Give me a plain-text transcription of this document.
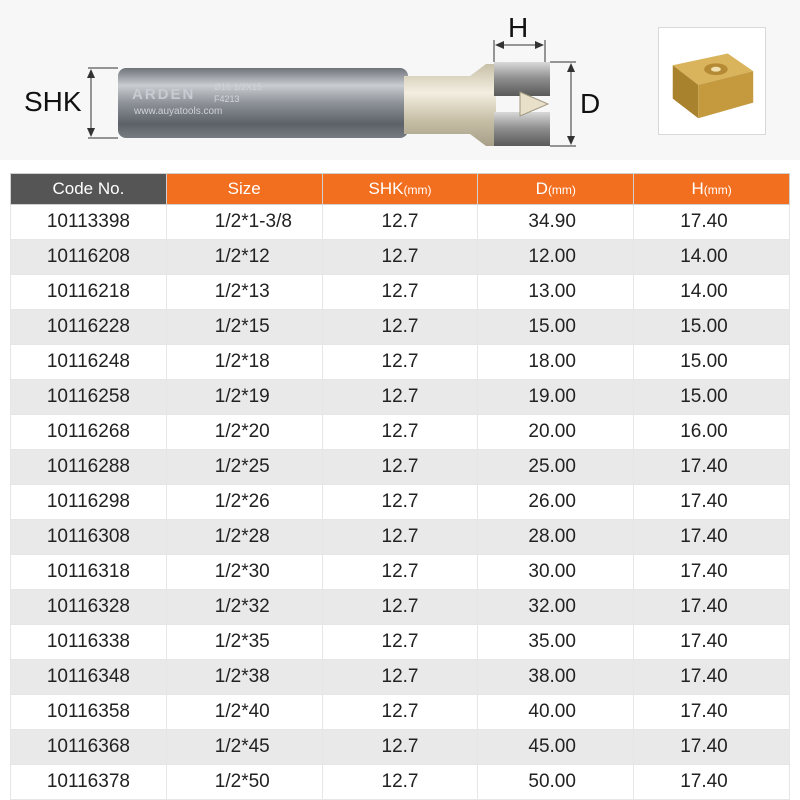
SHK
H
D
ARDEN Ø16 1/2X15
F4213
www.auyatools.com
Code No.	Size	SHK(mm)	D(mm)	H(mm)
10113398	1/2*1-3/8	12.7	34.90	17.40
10116208	1/2*12	12.7	12.00	14.00
10116218	1/2*13	12.7	13.00	14.00
10116228	1/2*15	12.7	15.00	15.00
10116248	1/2*18	12.7	18.00	15.00
10116258	1/2*19	12.7	19.00	15.00
10116268	1/2*20	12.7	20.00	16.00
10116288	1/2*25	12.7	25.00	17.40
10116298	1/2*26	12.7	26.00	17.40
10116308	1/2*28	12.7	28.00	17.40
10116318	1/2*30	12.7	30.00	17.40
10116328	1/2*32	12.7	32.00	17.40
10116338	1/2*35	12.7	35.00	17.40
10116348	1/2*38	12.7	38.00	17.40
10116358	1/2*40	12.7	40.00	17.40
10116368	1/2*45	12.7	45.00	17.40
10116378	1/2*50	12.7	50.00	17.40
